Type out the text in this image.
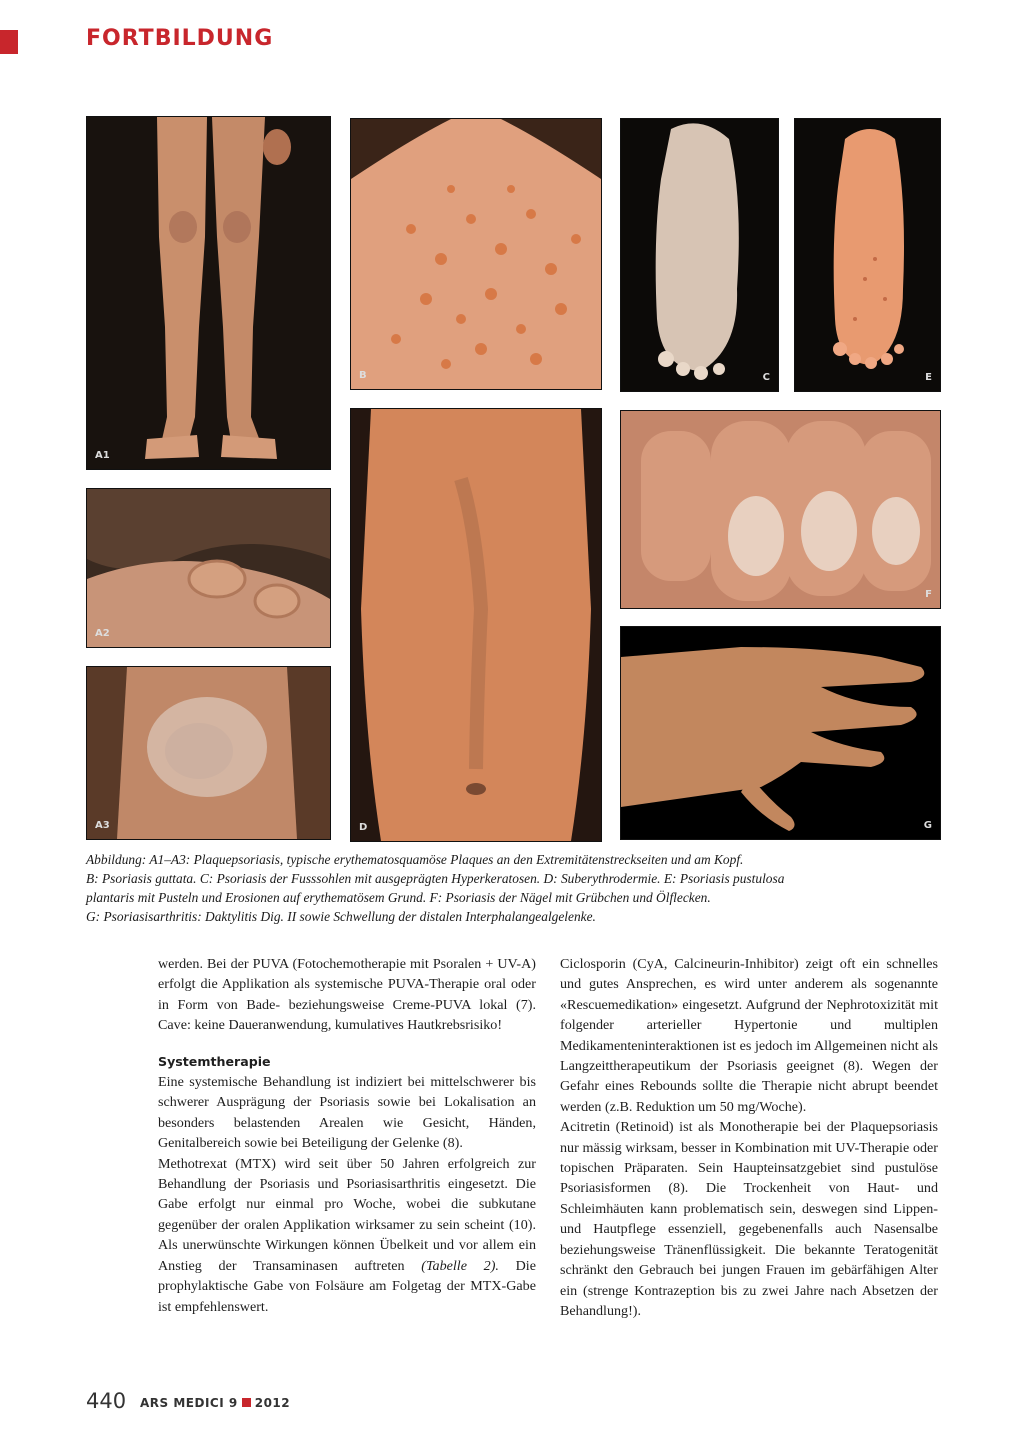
FORTBILDUNG
A1
B	C	E
A2
D
F
A3	G
Abbildung: A1–A3: Plaquepsoriasis, typische erythematosquamöse Plaques an den Extremitätenstreckseiten und am Kopf.
B: Psoriasis guttata. C: Psoriasis der Fusssohlen mit ausgeprägten Hyperkeratosen. D: Suberythrodermie. E: Psoriasis pustulosa
plantaris mit Pusteln und Erosionen auf erythematösem Grund. F: Psoriasis der Nägel mit Grübchen und Ölflecken.
G: Psoriasisarthritis: Daktylitis Dig. II sowie Schwellung der distalen Interphalangealgelenke.

werden. Bei der PUVA (Fotochemotherapie mit Psoralen + UV-A) erfolgt die Applikation als systemische PUVA-Therapie oral oder in Form von Bade- beziehungsweise Creme-PUVA lokal (7). Cave: keine Daueranwendung, kumulatives Hautkrebsrisiko!

Systemtherapie

Eine systemische Behandlung ist indiziert bei mittelschwerer bis schwerer Ausprägung der Psoriasis sowie bei Lokalisation an besonders belastenden Arealen wie Gesicht, Händen, Genitalbereich sowie bei Beteiligung der Gelenke (8).

Methotrexat (MTX) wird seit über 50 Jahren erfolgreich zur Behandlung der Psoriasis und Psoriasisarthritis eingesetzt. Die Gabe erfolgt nur einmal pro Woche, wobei die subkutane gegenüber der oralen Applikation wirksamer zu sein scheint (10). Als unerwünschte Wirkungen können Übelkeit und vor allem ein Anstieg der Transaminasen auftreten (Tabelle 2). Die prophylaktische Gabe von Folsäure am Folgetag der MTX-Gabe ist empfehlenswert.

Ciclosporin (CyA, Calcineurin-Inhibitor) zeigt oft ein schnelles und gutes Ansprechen, es wird unter anderem als sogenannte «Rescuemedikation» eingesetzt. Aufgrund der Nephrotoxizität mit folgender arterieller Hypertonie und multiplen Medikamenteninteraktionen ist es jedoch im Allgemeinen nicht als Langzeittherapeutikum der Psoriasis geeignet (8). Wegen der Gefahr eines Rebounds sollte die Therapie nicht abrupt beendet werden (z.B. Reduktion um 50 mg/Woche).

Acitretin (Retinoid) ist als Monotherapie bei der Plaquepsoriasis nur mässig wirksam, besser in Kombination mit UV-Therapie oder topischen Präparaten. Sein Haupteinsatzgebiet sind pustulöse Psoriasisformen (8). Die Trockenheit von Haut- und Schleimhäuten kann problematisch sein, deswegen sind Lippen- und Hautpflege essenziell, gegebenenfalls auch Nasensalbe beziehungsweise Tränenflüssigkeit. Die bekannte Teratogenität schränkt den Gebrauch bei jungen Frauen im gebärfähigen Alter ein (strenge Kontrazeption bis zu zwei Jahre nach Absetzen der Behandlung!).

440 ARS MEDICI 9 2012
